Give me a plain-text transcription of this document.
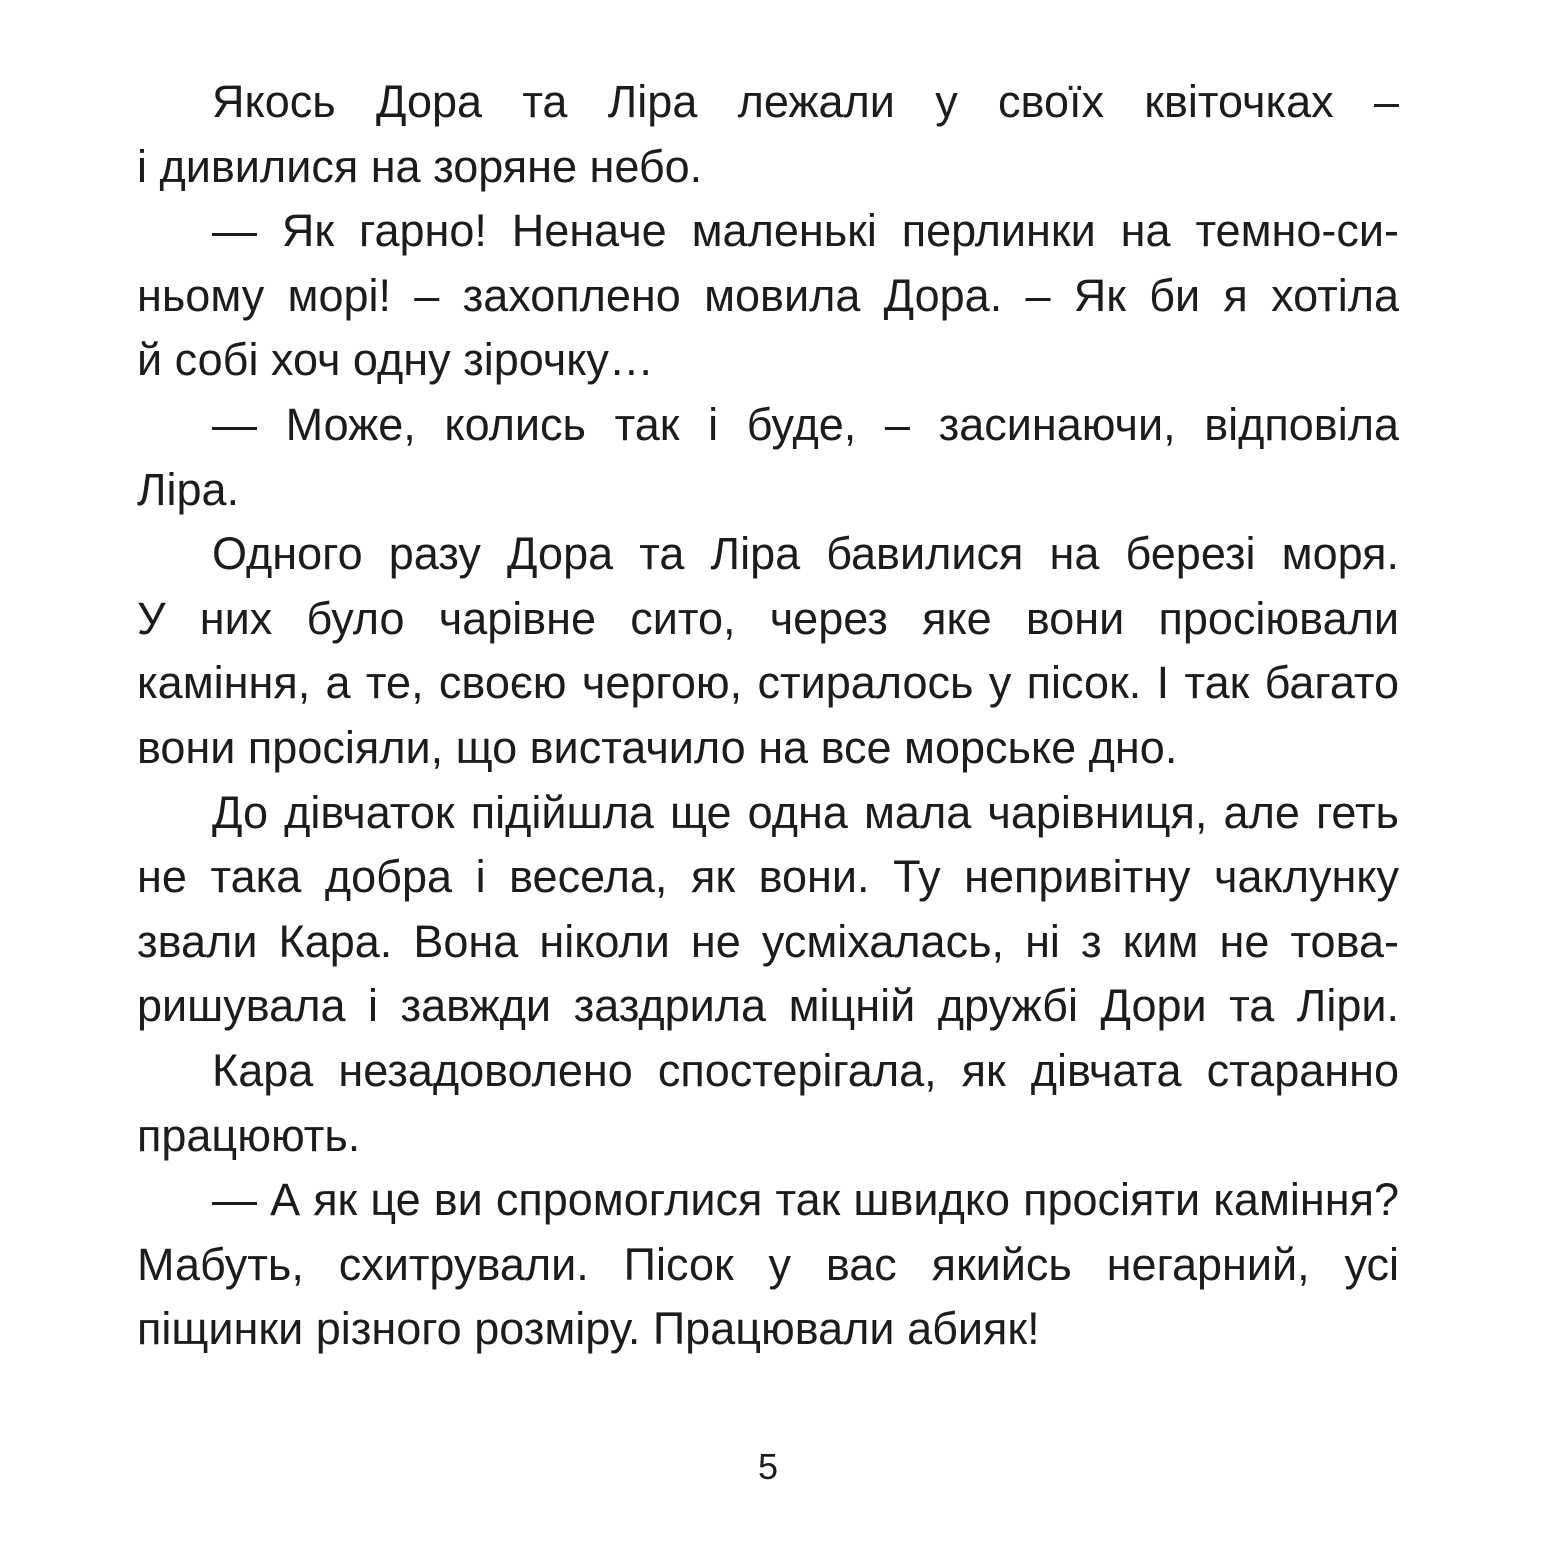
Якось Дора та Ліра лежали у своїх квіточках –
і дивилися на зоряне небо.
— Як гарно! Неначе маленькі перлинки на темно-си-
ньому морі! – захоплено мовила Дора. – Як би я хотіла
й собі хоч одну зірочку…
— Може, колись так і буде, – засинаючи, відповіла
Ліра.
Одного разу Дора та Ліра бавилися на березі моря.
У них було чарівне сито, через яке вони просіювали
каміння, а те, своєю чергою, стиралось у пісок. І так багато
вони просіяли, що вистачило на все морське дно.
До дівчаток підійшла ще одна мала чарівниця, але геть
не така добра і весела, як вони. Ту непривітну чаклунку
звали Кара. Вона ніколи не усміхалась, ні з ким не това-
ришувала і завжди заздрила міцній дружбі Дори та Ліри.
Кара незадоволено спостерігала, як дівчата старанно
працюють.
— А як це ви спромоглися так швидко просіяти каміння?
Мабуть, схитрували. Пісок у вас якийсь негарний, усі
піщинки різного розміру. Працювали абияк!
5
